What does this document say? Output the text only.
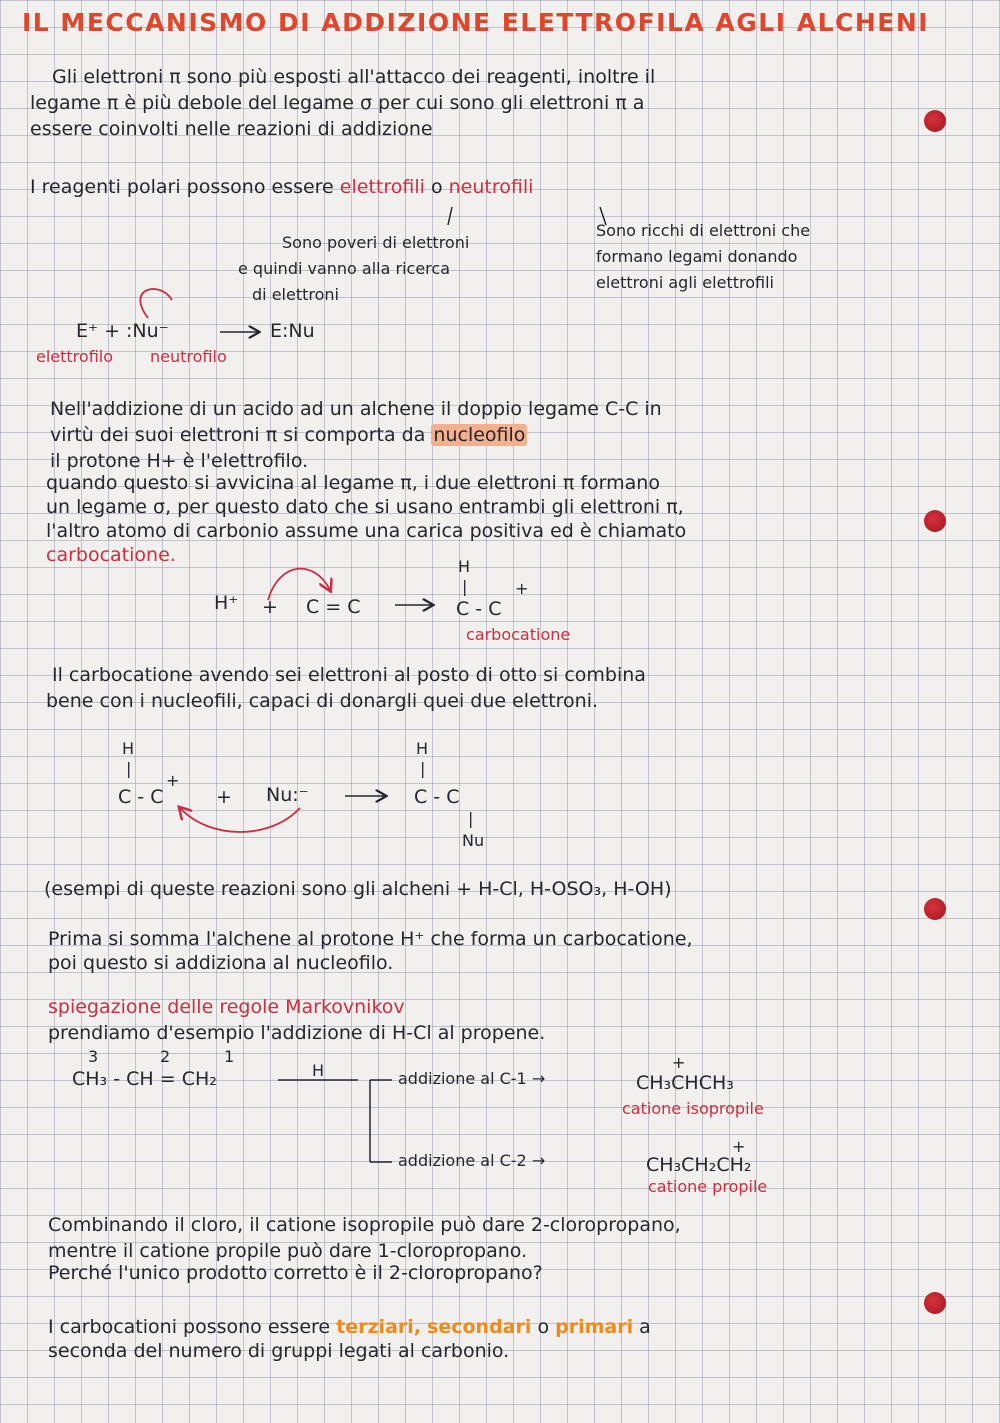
IL MECCANISMO DI ADDIZIONE ELETTROFILA AGLI ALCHENI
Gli elettroni π sono più esposti all'attacco dei reagenti, inoltre il
legame π è più debole del legame σ per cui sono gli elettroni π a
essere coinvolti nelle reazioni di addizione
I reagenti polari possono essere elettrofili o neutrofili
Sono poveri di elettroni
e quindi vanno alla ricerca
di elettroni
Sono ricchi di elettroni che
formano legami donando
elettroni agli elettrofili
E⁺ + :Nu⁻	E:Nu
elettrofilo neutrofilo
Nell'addizione di un acido ad un alchene il doppio legame C-C in
virtù dei suoi elettroni π si comporta da nucleofilo
il protone H+ è l'elettrofilo.
quando questo si avvicina al legame π, i due elettroni π formano
un legame σ, per questo dato che si usano entrambi gli elettroni π,
l'altro atomo di carbonio assume una carica positiva ed è chiamato
carbocatione.
H⁺ + C = C
H
|	+
C - C
carbocatione
Il carbocatione avendo sei elettroni al posto di otto si combina
bene con i nucleofili, capaci di donargli quei due elettroni.
H
|
+
C - C	+ Nu:⁻
H
|
C - C
|
Nu
(esempi di queste reazioni sono gli alcheni + H-Cl, H-OSO₃, H-OH)
Prima si somma l'alchene al protone H⁺ che forma un carbocatione,
poi questo si addiziona al nucleofilo.
spiegazione delle regole Markovnikov
prendiamo d'esempio l'addizione di H-Cl al propene.
3	2	1
CH₃ - CH = CH₂	H	addizione al C-1 →
+
CH₃CHCH₃
catione isopropile
addizione al C-2 →
+
CH₃CH₂CH₂
catione propile
Combinando il cloro, il catione isopropile può dare 2-cloropropano,
mentre il catione propile può dare 1-cloropropano.
Perché l'unico prodotto corretto è il 2-cloropropano?
I carbocationi possono essere terziari, secondari o primari a
seconda del numero di gruppi legati al carbonio.
